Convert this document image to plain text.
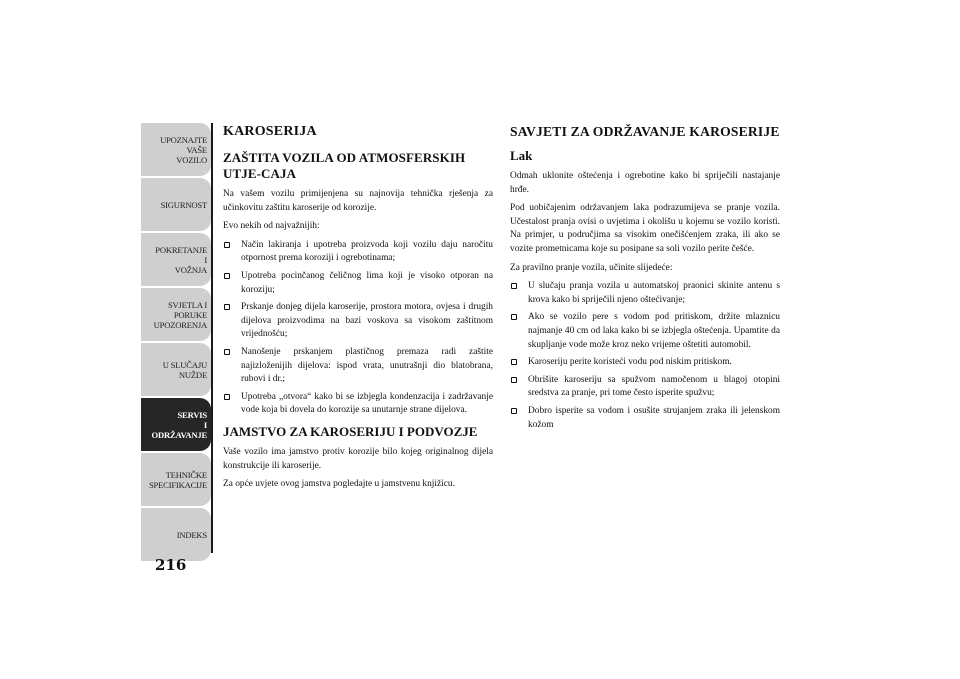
UPOZNAJTE
VAŠE
VOZILO
SIGURNOST
POKRETANJE
I
VOŽNJA
SVJETLA I
PORUKE
UPOZORENJA
U SLUČAJU
NUŽDE
SERVIS
I
ODRŽAVANJE
TEHNIČKE
SPECIFIKACIJE
INDEKS
216
KAROSERIJA
ZAŠTITA VOZILA OD ATMOSFERSKIH UTJE-CAJA

Na vašem vozilu primijenjena su najnovija tehnička rješenja za učinkovitu zaštitu karoserije od korozije.

Evo nekih od najvažnijih:

Način lakiranja i upotreba proizvoda koji vozilu daju naročitu otpornost prema koroziji i ogrebotinama;
Upotreba pocinčanog čeličnog lima koji je visoko otporan na koroziju;
Prskanje donjeg dijela karoserije, prostora motora, ovjesa i drugih dijelova proizvodima na bazi voskova sa visokom zaštitnom vrijednošću;
Nanošenje prskanjem plastičnog premaza radi zaštite najizloženijih dijelova: ispod vrata, unutrašnji dio blatobrana, rubovi i dr.;
Upotreba „otvora“ kako bi se izbjegla kondenzacija i zadržavanje vode koja bi dovela do korozije sa unutarnje strane dijelova.
JAMSTVO ZA KAROSERIJU I PODVOZJE

Vaše vozilo ima jamstvo protiv korozije bilo kojeg originalnog dijela konstrukcije ili karoserije.

Za opće uvjete ovog jamstva pogledajte u jamstvenu knjižicu.

SAVJETI ZA ODRŽAVANJE KAROSERIJE
Lak

Odmah uklonite oštećenja i ogrebotine kako bi spriječili nastajanje hrđe.

Pod uobičajenim održavanjem laka podrazumijeva se pranje vozila. Učestalost pranja ovisi o uvjetima i okolišu u kojemu se vozilo koristi. Na primjer, u područjima sa visokim onečišćenjem zraka, ili ako se vozite prometnicama koje su posipane sa soli vozilo perite češće.

Za pravilno pranje vozila, učinite slijedeće:

U slučaju pranja vozila u automatskoj praonici skinite antenu s krova kako bi spriječili njeno oštećivanje;
Ako se vozilo pere s vodom pod pritiskom, držite mlaznicu najmanje 40 cm od laka kako bi se izbjegla oštećenja. Upamtite da skupljanje vode može kroz neko vrijeme oštetiti automobil.
Karoseriju perite koristeći vodu pod niskim pritiskom.
Obrišite karoseriju sa spužvom namočenom u blagoj otopini sredstva za pranje, pri tome često isperite spužvu;
Dobro isperite sa vodom i osušite strujanjem zraka ili jelenskom kožom
